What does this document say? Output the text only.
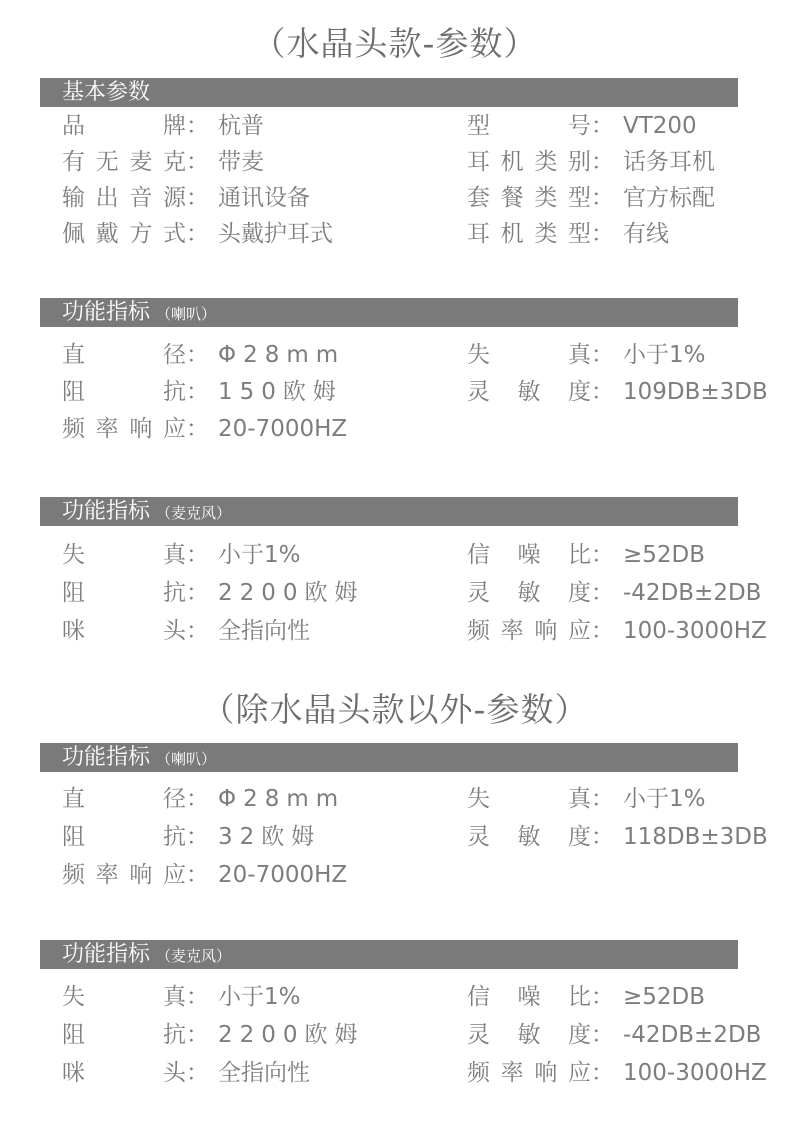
（水晶头款-参数）
基本参数
品牌 ： 杭普	型号 ： VT200
有无麦克 ： 带麦	耳机类别 ： 话务耳机
输出音源 ： 通讯设备	套餐类型 ： 官方标配
佩戴方式 ： 头戴护耳式	耳机类型 ： 有线
功能指标 （喇叭）
直径 ： Φ28mm	失真 ： 小于1%
阻抗 ： 150欧姆	灵敏度 ： 109DB±3DB
频率响应 ： 20-7000HZ
功能指标 （麦克风）
失真 ： 小于1%	信噪比 ： ≥52DB
阻抗 ： 2200欧姆	灵敏度 ： -42DB±2DB
咪头 ： 全指向性	频率响应 ： 100-3000HZ
（除水晶头款以外-参数）
功能指标 （喇叭）
直径 ： Φ28mm	失真 ： 小于1%
阻抗 ： 32欧姆	灵敏度 ： 118DB±3DB
频率响应 ： 20-7000HZ
功能指标 （麦克风）
失真 ： 小于1%	信噪比 ： ≥52DB
阻抗 ： 2200欧姆	灵敏度 ： -42DB±2DB
咪头 ： 全指向性	频率响应 ： 100-3000HZ
